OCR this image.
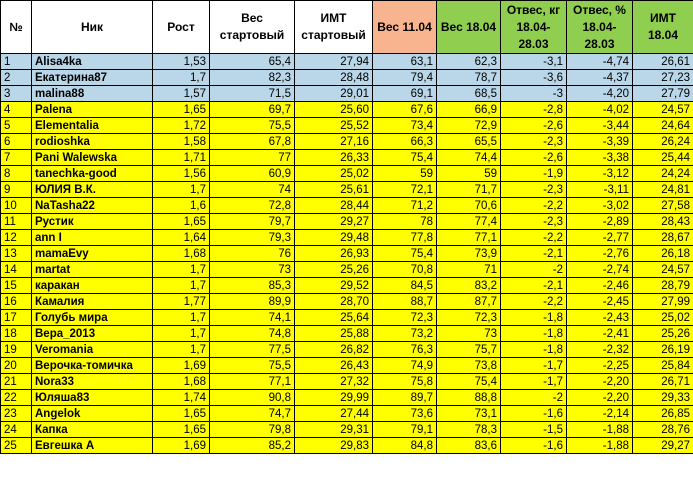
№	Ник	Рост	Вес стартовый	ИМТ стартовый	Вес 11.04	Вес 18.04	Отвес, кг 18.04-28.03	Отвес, % 18.04-28.03	ИМТ 18.04
1	Alisa4ka	1,53	65,4	27,94	63,1	62,3	-3,1	-4,74	26,61
2	Екатерина87	1,7	82,3	28,48	79,4	78,7	-3,6	-4,37	27,23
3	malina88	1,57	71,5	29,01	69,1	68,5	-3	-4,20	27,79
4	Palena	1,65	69,7	25,60	67,6	66,9	-2,8	-4,02	24,57
5	Elementalia	1,72	75,5	25,52	73,4	72,9	-2,6	-3,44	24,64
6	rodioshka	1,58	67,8	27,16	66,3	65,5	-2,3	-3,39	26,24
7	Pani Walewska	1,71	77	26,33	75,4	74,4	-2,6	-3,38	25,44
8	tanechka-good	1,56	60,9	25,02	59	59	-1,9	-3,12	24,24
9	ЮЛИЯ В.К.	1,7	74	25,61	72,1	71,7	-2,3	-3,11	24,81
10	NaTasha22	1,6	72,8	28,44	71,2	70,6	-2,2	-3,02	27,58
11	Рустик	1,65	79,7	29,27	78	77,4	-2,3	-2,89	28,43
12	ann I	1,64	79,3	29,48	77,8	77,1	-2,2	-2,77	28,67
13	mamaEvy	1,68	76	26,93	75,4	73,9	-2,1	-2,76	26,18
14	martat	1,7	73	25,26	70,8	71	-2	-2,74	24,57
15	каракан	1,7	85,3	29,52	84,5	83,2	-2,1	-2,46	28,79
16	Камалия	1,77	89,9	28,70	88,7	87,7	-2,2	-2,45	27,99
17	Голубь мира	1,7	74,1	25,64	72,3	72,3	-1,8	-2,43	25,02
18	Вера_2013	1,7	74,8	25,88	73,2	73	-1,8	-2,41	25,26
19	Veromania	1,7	77,5	26,82	76,3	75,7	-1,8	-2,32	26,19
20	Верочка-томичка	1,69	75,5	26,43	74,9	73,8	-1,7	-2,25	25,84
21	Nora33	1,68	77,1	27,32	75,8	75,4	-1,7	-2,20	26,71
22	Юляша83	1,74	90,8	29,99	89,7	88,8	-2	-2,20	29,33
23	Angelok	1,65	74,7	27,44	73,6	73,1	-1,6	-2,14	26,85
24	Капка	1,65	79,8	29,31	79,1	78,3	-1,5	-1,88	28,76
25	Евгешка А	1,69	85,2	29,83	84,8	83,6	-1,6	-1,88	29,27
